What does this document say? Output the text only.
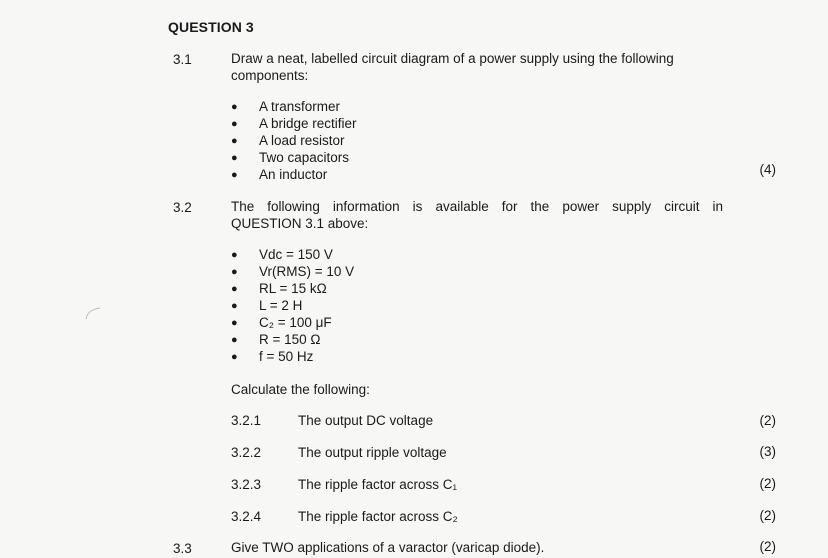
QUESTION 3
3.1	Draw a neat, labelled circuit diagram of a power supply using the following
components:
● A transformer
● A bridge rectifier
● A load resistor
● Two capacitors
● An inductor	(4)
3.2	The following information is available for the power supply circuit in
QUESTION 3.1 above:
● Vdc = 150 V
● Vr(RMS) = 10 V
● RL = 15 kΩ
● L = 2 H
● C₂ = 100 μF
● R = 150 Ω
● f = 50 Hz
Calculate the following:
3.2.1	The output DC voltage	(2)
3.2.2	The output ripple voltage	(3)
3.2.3	The ripple factor across C₁	(2)
3.2.4	The ripple factor across C₂	(2)
3.3	Give TWO applications of a varactor (varicap diode).	(2)
